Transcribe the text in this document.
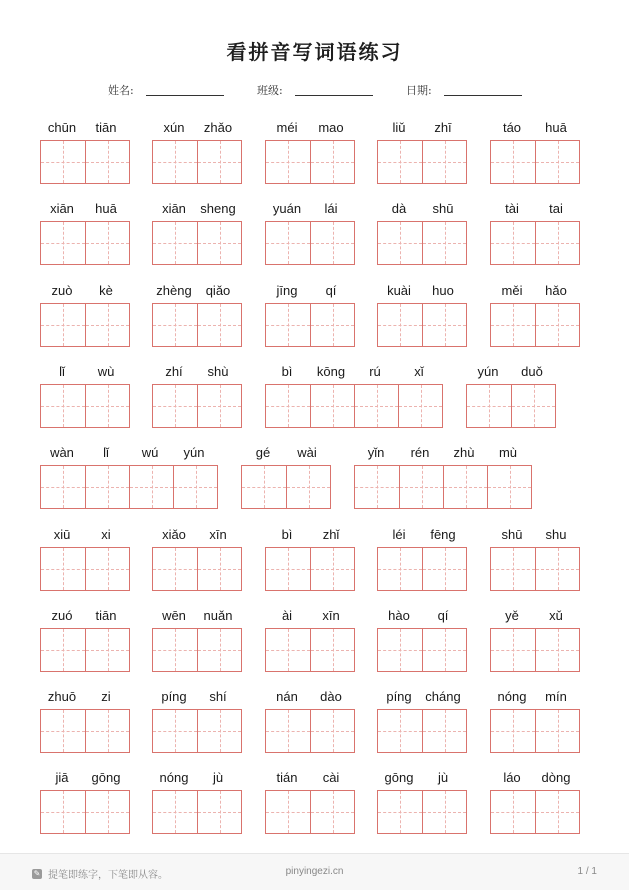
看拼音写词语练习
姓名:	班级:	日期:
chūn	tiān	xún	zhǎo	méi	mao	liǔ	zhī	táo	huā
xiān	huā	xiān	sheng	yuán	lái	dà	shū	tài	tai
zuò	kè	zhèng	qiǎo	jīng	qí	kuài	huo	měi	hǎo
lǐ	wù	zhí	shù	bì	kōng	rú	xǐ	yún	duǒ
wàn	lǐ	wú	yún	gé	wài	yǐn	rén	zhù	mù
xiū	xi	xiǎo	xīn	bì	zhǐ	léi	fēng	shū	shu
zuó	tiān	wēn	nuǎn	ài	xīn	hào	qí	yě	xǔ
zhuō	zi	píng	shí	nán	dào	píng	cháng	nóng	mín
jiā	gōng	nóng	jù	tián	cài	gōng	jù	láo	dòng
✎ 提笔即练字，下笔即从容。	pinyingezi.cn	1 / 1
